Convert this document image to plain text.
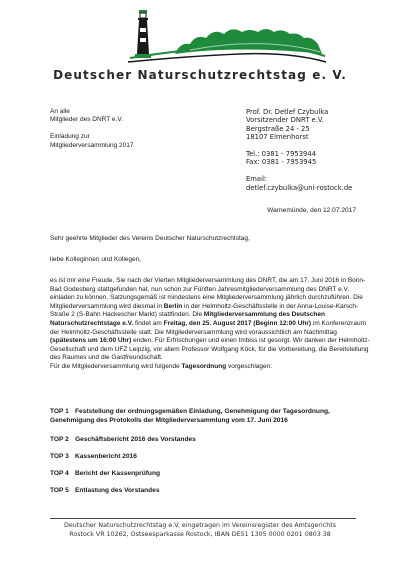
Deutscher Naturschutzrechtstag e. V.
An alle
Mitglieder des DNRT e.V.
Einladung zur
Mitgliederversammlung 2017
Prof. Dr. Detlef Czybulka
Vorsitzender DNRT e.V.
Bergstraße 24 - 25
18107 Elmenhorst
Tel.: 0381 - 7953944
Fax: 0381 - 7953945
Email:
detlef.czybulka@uni-rostock.de
Warnemünde, den 12.07.2017
Sehr geehrte Mitglieder des Vereins Deutscher Naturschutzrechtstag,
liebe Kolleginnen und Kollegen,
es ist mir eine Freude, Sie nach der Vierten Mitgliederversammlung des DNRT, die am 17. Juni 2016 in Bonn-Bad Godesberg stattgefunden hat, nun schon zur Fünften Jahresmitgliederversammlung des DNRT e.V. einladen zu können. Satzungsgemäß ist mindestens eine Mitgliederversammlung jährlich durchzuführen. Die Mitgliederversammlung wird diesmal in Berlin in der Helmholtz-Geschäftsstelle in der Anna-Louise-Karsch-Straße 2 (S-Bahn Hackescher Markt) stattfinden. Die Mitgliederversammlung des Deutschen Naturschutzrechtstage e.V. findet am Freitag, den 25. August 2017 (Beginn 12:00 Uhr) im Konferenzraum der Helmholtz-Geschäftsstelle statt. Die Mitgliederversammlung wird voraussichtlich am Nachmittag (spätestens um 16:00 Uhr) enden. Für Erfrischungen und einen Imbiss ist gesorgt. Wir danken der Helmholtz-Gesellschaft und dem UFZ Leipzig, vor allem Professor Wolfgang Köck, für die Vorbereitung, die Bereitstellung des Raumes und die Gastfreundschaft.
Für die Mitgliederversammlung wird folgende Tagesordnung vorgeschlagen:
TOP 1 Feststellung der ordnungsgemäßen Einladung, Genehmigung der Tagesordnung,
Genehmigung des Protokolls der Mitgliederversammlung vom 17. Juni 2016
TOP 2 Geschäftsbericht 2016 des Vorstandes
TOP 3 Kassenbericht 2016
TOP 4 Bericht der Kassenprüfung
TOP 5 Entlastung des Vorstandes
Deutscher Naturschutzrechtstag e.V. eingetragen im Vereinsregister des Amtsgerichts
Rostock VR 10262, Ostseesparkasse Rostock, IBAN DE51 1305 0000 0201 0803 38
